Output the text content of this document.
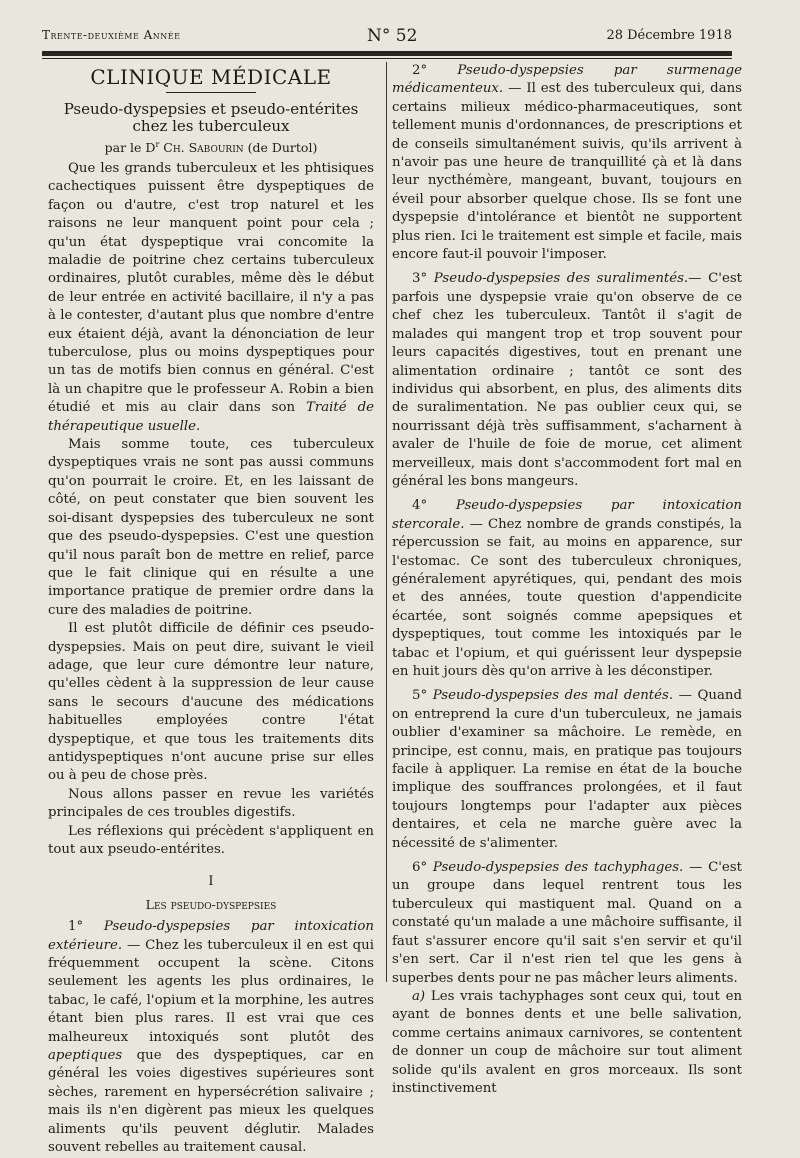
Trente-deuxième Année	N° 52	28 Décembre 1918
CLINIQUE MÉDICALE
Pseudo-dyspepsies et pseudo-entérites
chez les tuberculeux
par le $D^r$ Ch. Sabourin (de Durtol)

Que les grands tuberculeux et les phtisiques cachectiques puissent être dyspeptiques de façon ou d'autre, c'est trop naturel et les raisons ne leur manquent point pour cela ; qu'un état dyspeptique vrai concomite la maladie de poitrine chez certains tuberculeux ordinaires, plutôt curables, même dès le début de leur entrée en activité bacillaire, il n'y a pas à le contester, d'autant plus que nombre d'entre eux étaient déjà, avant la dénonciation de leur tuberculose, plus ou moins dyspeptiques pour un tas de motifs bien connus en général. C'est là un chapitre que le professeur A. Robin a bien étudié et mis au clair dans son Traité de thérapeutique usuelle.

Mais somme toute, ces tuberculeux dyspeptiques vrais ne sont pas aussi communs qu'on pourrait le croire. Et, en les laissant de côté, on peut constater que bien souvent les soi-disant dyspepsies des tuberculeux ne sont que des pseudo-dyspepsies. C'est une question qu'il nous paraît bon de mettre en relief, parce que le fait clinique qui en résulte a une importance pratique de premier ordre dans la cure des maladies de poitrine.

Il est plutôt difficile de définir ces pseudo-dyspepsies. Mais on peut dire, suivant le vieil adage, que leur cure démontre leur nature, qu'elles cèdent à la suppression de leur cause sans le secours d'aucune des médications habituelles employées contre l'état dyspeptique, et que tous les traitements dits antidyspeptiques n'ont aucune prise sur elles ou à peu de chose près.

Nous allons passer en revue les variétés principales de ces troubles digestifs.

Les réflexions qui précèdent s'appliquent en tout aux pseudo-entérites.

I
Les pseudo-dyspepsies

1° Pseudo-dyspepsies par intoxication extérieure. — Chez les tuberculeux il en est qui fréquemment occupent la scène. Citons seulement les agents les plus ordinaires, le tabac, le café, l'opium et la morphine, les autres étant bien plus rares. Il est vrai que ces malheureux intoxiqués sont plutôt des apeptiques que des dyspeptiques, car en général les voies digestives supérieures sont sèches, rarement en hypersécrétion salivaire ; mais ils n'en digèrent pas mieux les quelques aliments qu'ils peuvent déglutir. Malades souvent rebelles au traitement causal.

2° Pseudo-dyspepsies par surmenage médicamenteux. — Il est des tuberculeux qui, dans certains milieux médico-pharmaceutiques, sont tellement munis d'ordonnances, de prescriptions et de conseils simultanément suivis, qu'ils arrivent à n'avoir pas une heure de tranquillité çà et là dans leur nycthémère, mangeant, buvant, toujours en éveil pour absorber quelque chose. Ils se font une dyspepsie d'intolérance et bientôt ne supportent plus rien. Ici le traitement est simple et facile, mais encore faut-il pouvoir l'imposer.

3° Pseudo-dyspepsies des suralimentés.— C'est parfois une dyspepsie vraie qu'on observe de ce chef chez les tuberculeux. Tantôt il s'agit de malades qui mangent trop et trop souvent pour leurs capacités digestives, tout en prenant une alimentation ordinaire ; tantôt ce sont des individus qui absorbent, en plus, des aliments dits de suralimentation. Ne pas oublier ceux qui, se nourrissant déjà très suffisamment, s'acharnent à avaler de l'huile de foie de morue, cet aliment merveilleux, mais dont s'accommodent fort mal en général les bons mangeurs.

4° Pseudo-dyspepsies par intoxication stercorale. — Chez nombre de grands constipés, la répercussion se fait, au moins en apparence, sur l'estomac. Ce sont des tuberculeux chroniques, généralement apyrétiques, qui, pendant des mois et des années, toute question d'appendicite écartée, sont soignés comme apepsiques et dyspeptiques, tout comme les intoxiqués par le tabac et l'opium, et qui guérissent leur dyspepsie en huit jours dès qu'on arrive à les déconstiper.

5° Pseudo-dyspepsies des mal dentés. — Quand on entreprend la cure d'un tuberculeux, ne jamais oublier d'examiner sa mâchoire. Le remède, en principe, est connu, mais, en pratique pas toujours facile à appliquer. La remise en état de la bouche implique des souffrances prolongées, et il faut toujours longtemps pour l'adapter aux pièces dentaires, et cela ne marche guère avec la nécessité de s'alimenter.

6° Pseudo-dyspepsies des tachyphages. — C'est un groupe dans lequel rentrent tous les tuberculeux qui mastiquent mal. Quand on a constaté qu'un malade a une mâchoire suffisante, il faut s'assurer encore qu'il sait s'en servir et qu'il s'en sert. Car il n'est rien tel que les gens à superbes dents pour ne pas mâcher leurs aliments.

a) Les vrais tachyphages sont ceux qui, tout en ayant de bonnes dents et une belle salivation, comme certains animaux carnivores, se contentent de donner un coup de mâchoire sur tout aliment solide qu'ils avalent en gros morceaux. Ils sont instinctivement
